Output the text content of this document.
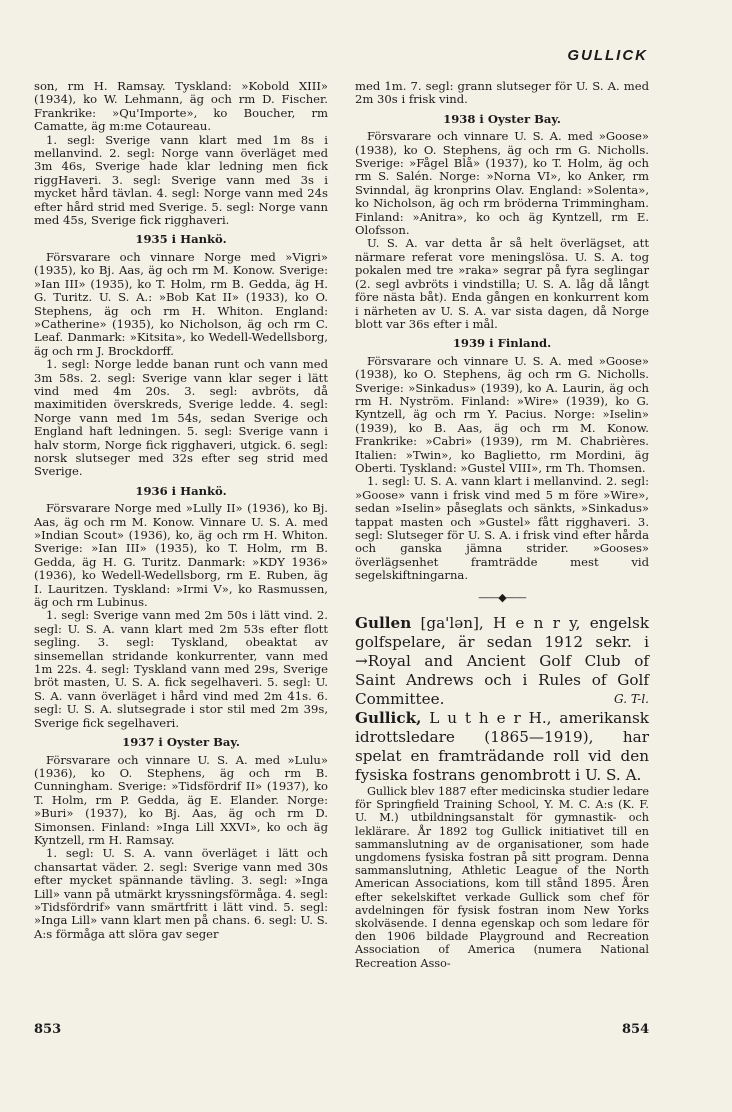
GULLICK

son, rm H. Ramsay. Tyskland: »Kobold XIII» (1934), ko W. Lehmann, äg och rm D. Fischer. Frankrike: »Qu'Importe», ko Boucher, rm Camatte, äg m:me Cotaureau.

1. segl: Sverige vann klart med 1m 8s i mellanvind. 2. segl: Norge vann överläget med 3m 46s, Sverige hade klar ledning men fick riggHaveri. 3. segl: Sverige vann med 3s i mycket hård tävlan. 4. segl: Norge vann med 24s efter hård strid med Sverige. 5. segl: Norge vann med 45s, Sverige fick rigghaveri.

1935 i Hankö.

Försvarare och vinnare Norge med »Vigri» (1935), ko Bj. Aas, äg och rm M. Konow. Sverige: »Ian III» (1935), ko T. Holm, rm B. Gedda, äg H. G. Turitz. U. S. A.: »Bob Kat II» (1933), ko O. Stephens, äg och rm H. Whiton. England: »Catherine» (1935), ko Nicholson, äg och rm C. Leaf. Danmark: »Kitsita», ko Wedell-Wedellsborg, äg och rm J. Brockdorff.

1. segl: Norge ledde banan runt och vann med 3m 58s. 2. segl: Sverige vann klar seger i lätt vind med 4m 20s. 3. segl: avbröts, då maximitiden överskreds, Sverige ledde. 4. segl: Norge vann med 1m 54s, sedan Sverige och England haft ledningen. 5. segl: Sverige vann i halv storm, Norge fick rigghaveri, utgick. 6. segl: norsk slutseger med 32s efter seg strid med Sverige.

1936 i Hankö.

Försvarare Norge med »Lully II» (1936), ko Bj. Aas, äg och rm M. Konow. Vinnare U. S. A. med »Indian Scout» (1936), ko, äg och rm H. Whiton. Sverige: »Ian III» (1935), ko T. Holm, rm B. Gedda, äg H. G. Turitz. Danmark: »KDY 1936» (1936), ko Wedell-Wedellsborg, rm E. Ruben, äg I. Lauritzen. Tyskland: »Irmi V», ko Rasmussen, äg och rm Lubinus.

1. segl: Sverige vann med 2m 50s i lätt vind. 2. segl: U. S. A. vann klart med 2m 53s efter flott segling. 3. segl: Tyskland, obeaktat av sinsemellan stridande konkurrenter, vann med 1m 22s. 4. segl: Tyskland vann med 29s, Sverige bröt masten, U. S. A. fick segelhaveri. 5. segl: U. S. A. vann överläget i hård vind med 2m 41s. 6. segl: U. S. A. slutsegrade i stor stil med 2m 39s, Sverige fick segelhaveri.

1937 i Oyster Bay.

Försvarare och vinnare U. S. A. med »Lulu» (1936), ko O. Stephens, äg och rm B. Cunningham. Sverige: »Tidsfördrif II» (1937), ko T. Holm, rm P. Gedda, äg E. Elander. Norge: »Buri» (1937), ko Bj. Aas, äg och rm D. Simonsen. Finland: »Inga Lill XXVI», ko och äg Kyntzell, rm H. Ramsay.

1. segl: U. S. A. vann överläget i lätt och chansartat väder. 2. segl: Sverige vann med 30s efter mycket spännande tävling. 3. segl: »Inga Lill» vann på utmärkt kryssningsförmåga. 4. segl: »Tidsfördrif» vann smärtfritt i lätt vind. 5. segl: »Inga Lill» vann klart men på chans. 6. segl: U. S. A:s förmåga att slöra gav seger

med 1m. 7. segl: grann slutseger för U. S. A. med 2m 30s i frisk vind.

1938 i Oyster Bay.

Försvarare och vinnare U. S. A. med »Goose» (1938), ko O. Stephens, äg och rm G. Nicholls. Sverige: »Fågel Blå» (1937), ko T. Holm, äg och rm S. Salén. Norge: »Norna VI», ko Anker, rm Svinndal, äg kronprins Olav. England: »Solenta», ko Nicholson, äg och rm bröderna Trimmingham. Finland: »Anitra», ko och äg Kyntzell, rm E. Olofsson.

U. S. A. var detta år så helt överlägset, att närmare referat vore meningslösa. U. S. A. tog pokalen med tre »raka» segrar på fyra seglingar (2. segl avbröts i vindstilla; U. S. A. låg då långt före nästa båt). Enda gången en konkurrent kom i närheten av U. S. A. var sista dagen, då Norge blott var 36s efter i mål.

1939 i Finland.

Försvarare och vinnare U. S. A. med »Goose» (1938), ko O. Stephens, äg och rm G. Nicholls. Sverige: »Sinkadus» (1939), ko A. Laurin, äg och rm H. Nyström. Finland: »Wire» (1939), ko G. Kyntzell, äg och rm Y. Pacius. Norge: »Iselin» (1939), ko B. Aas, äg och rm M. Konow. Frankrike: »Cabri» (1939), rm M. Chabrières. Italien: »Twin», ko Baglietto, rm Mordini, äg Oberti. Tyskland: »Gustel VIII», rm Th. Thomsen.

1. segl: U. S. A. vann klart i mellanvind. 2. segl: »Goose» vann i frisk vind med 5 m före »Wire», sedan »Iselin» påseglats och sänkts, »Sinkadus» tappat masten och »Gustel» fått rigghaveri. 3. segl: Slutseger för U. S. A. i frisk vind efter hårda och ganska jämna strider. »Gooses» överlägsenhet framträdde mest vid segelskiftningarna.

——◆——

Gullen [ga'lən], H e n r y, engelsk golfspelare, är sedan 1912 sekr. i →Royal and Ancient Golf Club of Saint Andrews och i Rules of Golf Committee.	G. T-l.

Gullick, L u t h e r H., amerikansk idrottsledare (1865—1919), har spelat en framträdande roll vid den fysiska fostrans genombrott i U. S. A.

Gullick blev 1887 efter medicinska studier ledare för Springfield Training School, Y. M. C. A:s (K. F. U. M.) utbildningsanstalt för gymnastik- och leklärare. År 1892 tog Gullick initiativet till en sammanslutning av de organisationer, som hade ungdomens fysiska fostran på sitt program. Denna sammanslutning, Athletic League of the North American Associations, kom till stånd 1895. Åren efter sekelskiftet verkade Gullick som chef för avdelningen för fysisk fostran inom New Yorks skolväsende. I denna egenskap och som ledare för den 1906 bildade Playground and Recreation Association of America (numera National Recreation Asso-

853	854
